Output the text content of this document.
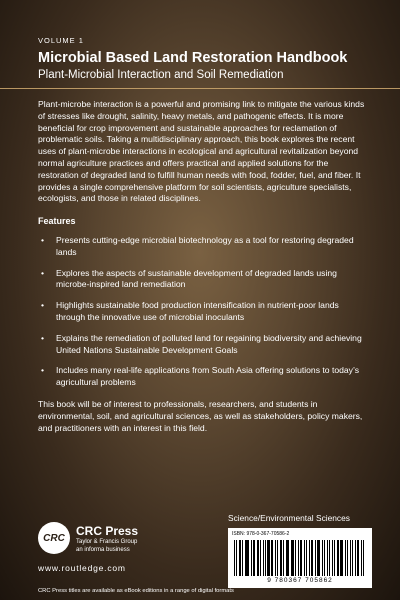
VOLUME 1
Microbial Based Land Restoration Handbook
Plant-Microbial Interaction and Soil Remediation

Plant-microbe interaction is a powerful and promising link to mitigate the various kinds of stresses like drought, salinity, heavy metals, and pathogenic effects. It is more beneficial for crop improvement and sustainable approaches for reclamation of problematic soils. Taking a multidisciplinary approach, this book explores the recent uses of plant-microbe interactions in ecological and agricultural revitalization beyond normal agriculture practices and offers practical and applied solutions for the restoration of degraded land to fulfill human needs with food, fodder, fuel, and fiber. It provides a single comprehensive platform for soil scientists, agriculture specialists, ecologists, and those in related disciplines.

Features
• Presents cutting-edge microbial biotechnology as a tool for restoring degraded lands
• Explores the aspects of sustainable development of degraded lands using microbe-inspired land remediation
• Highlights sustainable food production intensification in nutrient-poor lands through the innovative use of microbial inoculants
• Explains the remediation of polluted land for regaining biodiversity and achieving United Nations Sustainable Development Goals
• Includes many real-life applications from South Asia offering solutions to today’s agricultural problems

This book will be of interest to professionals, researchers, and students in environmental, soil, and agricultural sciences, as well as stakeholders, policy makers, and practitioners with an interest in this field.

Science/Environmental Sciences
CRC CRC Press
Taylor & Francis Group
an informa business
www.routledge.com
ISBN: 978-0-367-70586-2
9 780367 705862
CRC Press titles are available as eBook editions in a range of digital formats
